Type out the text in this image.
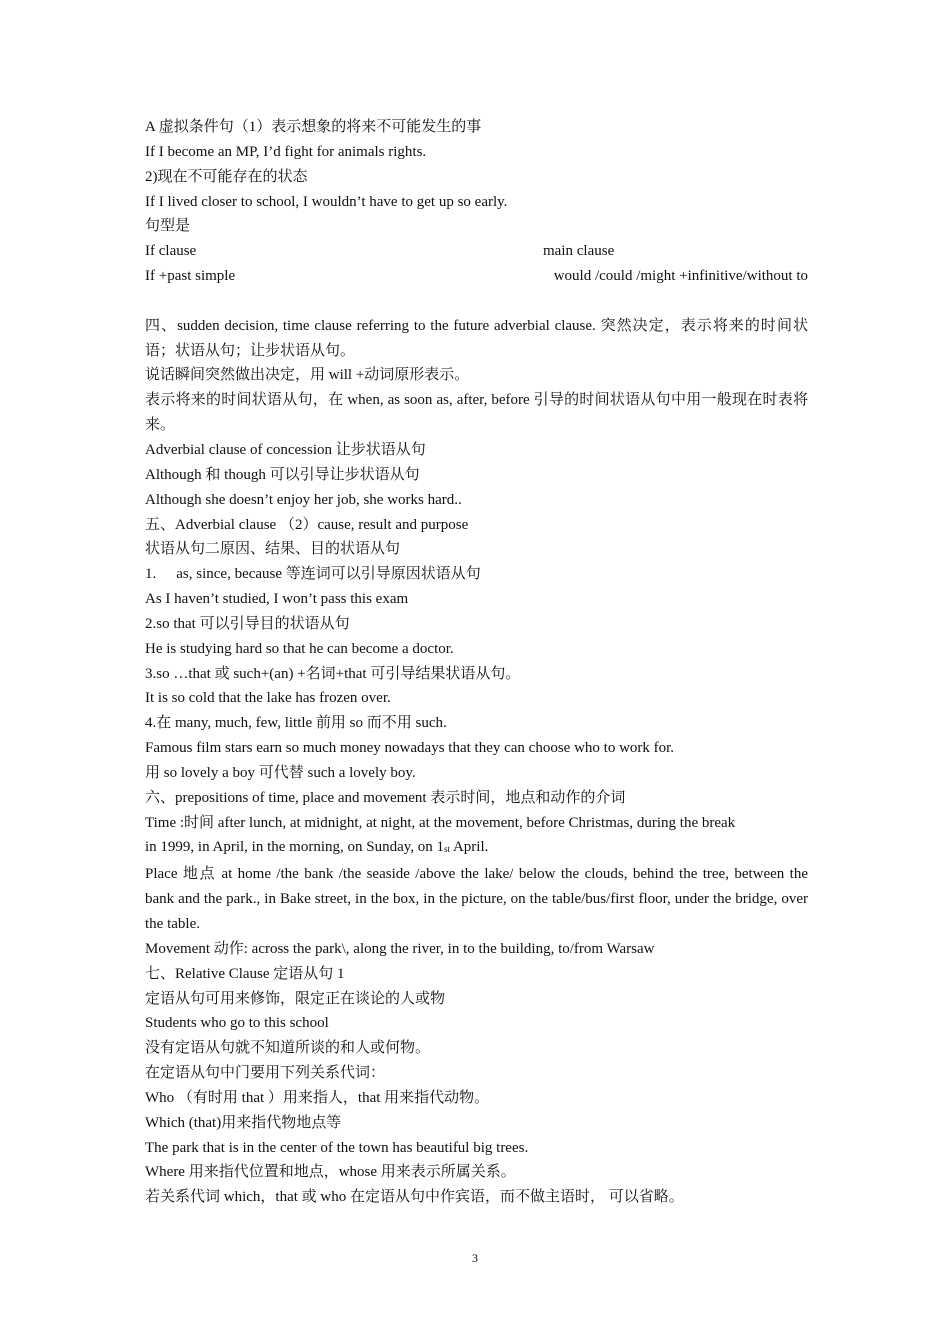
A 虚拟条件句（1）表示想象的将来不可能发生的事
If I become an MP, I’d fight for animals rights.
2)现在不可能存在的状态
If I lived closer to school, I wouldn’t have to get up so early.
句型是
If clause	main clause
If +past simple	would /could /might +infinitive/without to
四、sudden decision, time clause referring to the future adverbial clause. 突然决定，表示将来的时间状语；状语从句；让步状语从句。
说话瞬间突然做出决定，用 will +动词原形表示。
表示将来的时间状语从句，在 when, as soon as, after, before 引导的时间状语从句中用一般现在时表将来。
Adverbial clause of concession 让步状语从句
Although 和 though 可以引导让步状语从句
Although she doesn’t enjoy her job, she works hard..
五、Adverbial clause （2）cause, result and purpose
状语从句二原因、结果、目的状语从句
1. as, since, because 等连词可以引导原因状语从句
As I haven’t studied, I won’t pass this exam
2.so that 可以引导目的状语从句
He is studying hard so that he can become a doctor.
3.so …that 或 such+(an) +名词+that 可引导结果状语从句。
It is so cold that the lake has frozen over.
4.在 many, much, few, little 前用 so 而不用 such.
Famous film stars earn so much money nowadays that they can choose who to work for.
用 so lovely a boy 可代替 such a lovely boy.
六、prepositions of time, place and movement 表示时间，地点和动作的介词
Time :时间 after lunch, at midnight, at night, at the movement, before Christmas, during the break
in 1999, in April, in the morning, on Sunday, on $1_{st}$ April.
Place 地点 at home /the bank /the seaside /above the lake/ below the clouds, behind the tree, between the bank and the park., in Bake street, in the box, in the picture, on the table/bus/first floor, under the bridge, over the table.
Movement 动作: across the park\, along the river, in to the building, to/from Warsaw
七、Relative Clause 定语从句 1
定语从句可用来修饰，限定正在谈论的人或物
Students who go to this school
没有定语从句就不知道所谈的和人或何物。
在定语从句中门要用下列关系代词：
Who （有时用 that ）用来指人，that 用来指代动物。
Which (that)用来指代物地点等
The park that is in the center of the town has beautiful big trees.
Where 用来指代位置和地点，whose 用来表示所属关系。
若关系代词 which，that 或 who 在定语从句中作宾语，而不做主语时， 可以省略。
3
